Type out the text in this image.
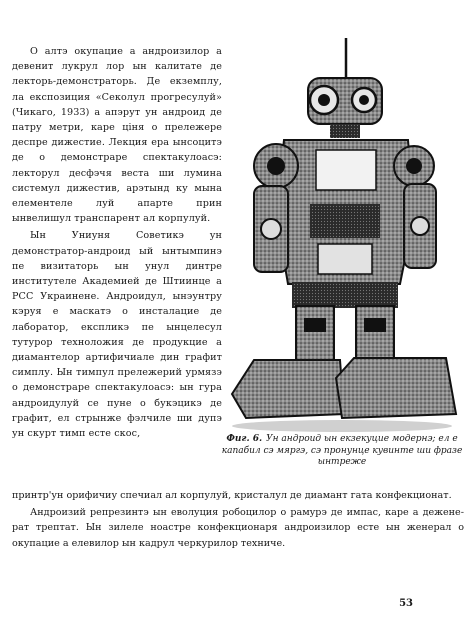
О алтэ окупацие а андроизилор а девенит лукрул лор ын калитате де лекторь-демонстраторь. Де екземплу, ла експозиция «Секолул прогресулуй» (Чикаго, 1933) а апэрут ун андроид де патру метри, каре ціня о прележере деспре дижестие. Лекция ера ынсоцитэ де о демонстраре спектакулоасэ: лекторул десфэчя веста ши лумина системул дижестив, арэтынд ку мына елементеле луй апарте прин ынвелишул транспарент ал корпулуй.

Ын Униуня Советикэ ун демонстратор-андроид ый ынтымпинэ пе визитаторь ын унул динтре институтеле Академией де Штиинце а РСС Украинене. Андроидул, ынэунтру кэруя е маскатэ о инсталацие де лаборатор, експликэ пе ынцелесул тутурор техноложия де продукцие а диамантелор артифичиале дин графит симплу. Ын тимпул прележерий урмязэ о демонстраре спектакулоасэ: ын гура андроидулуй се пуне о букэцикэ де графит, ел стрынже фэлчиле ши дупэ ун скурт тимп есте скос,	Фиг. 6. Ун андроид ын екзекуцие модернэ; ел е капабил сэ мяргэ, сэ пронунце кувинте ши фразе ынтреже

принтр'ун орифичиу спечиал ал корпулуй, кристалул де диамант гата конфекционат.

Андроизий репрезинтэ ын еволуция робоцилор о рамурэ де импас, каре а деженерат трептат. Ын зилеле ноастре конфекционаря андроизилор есте ын женерал о окупацие а елевилор ын кадрул черкурилор техниче.

53
